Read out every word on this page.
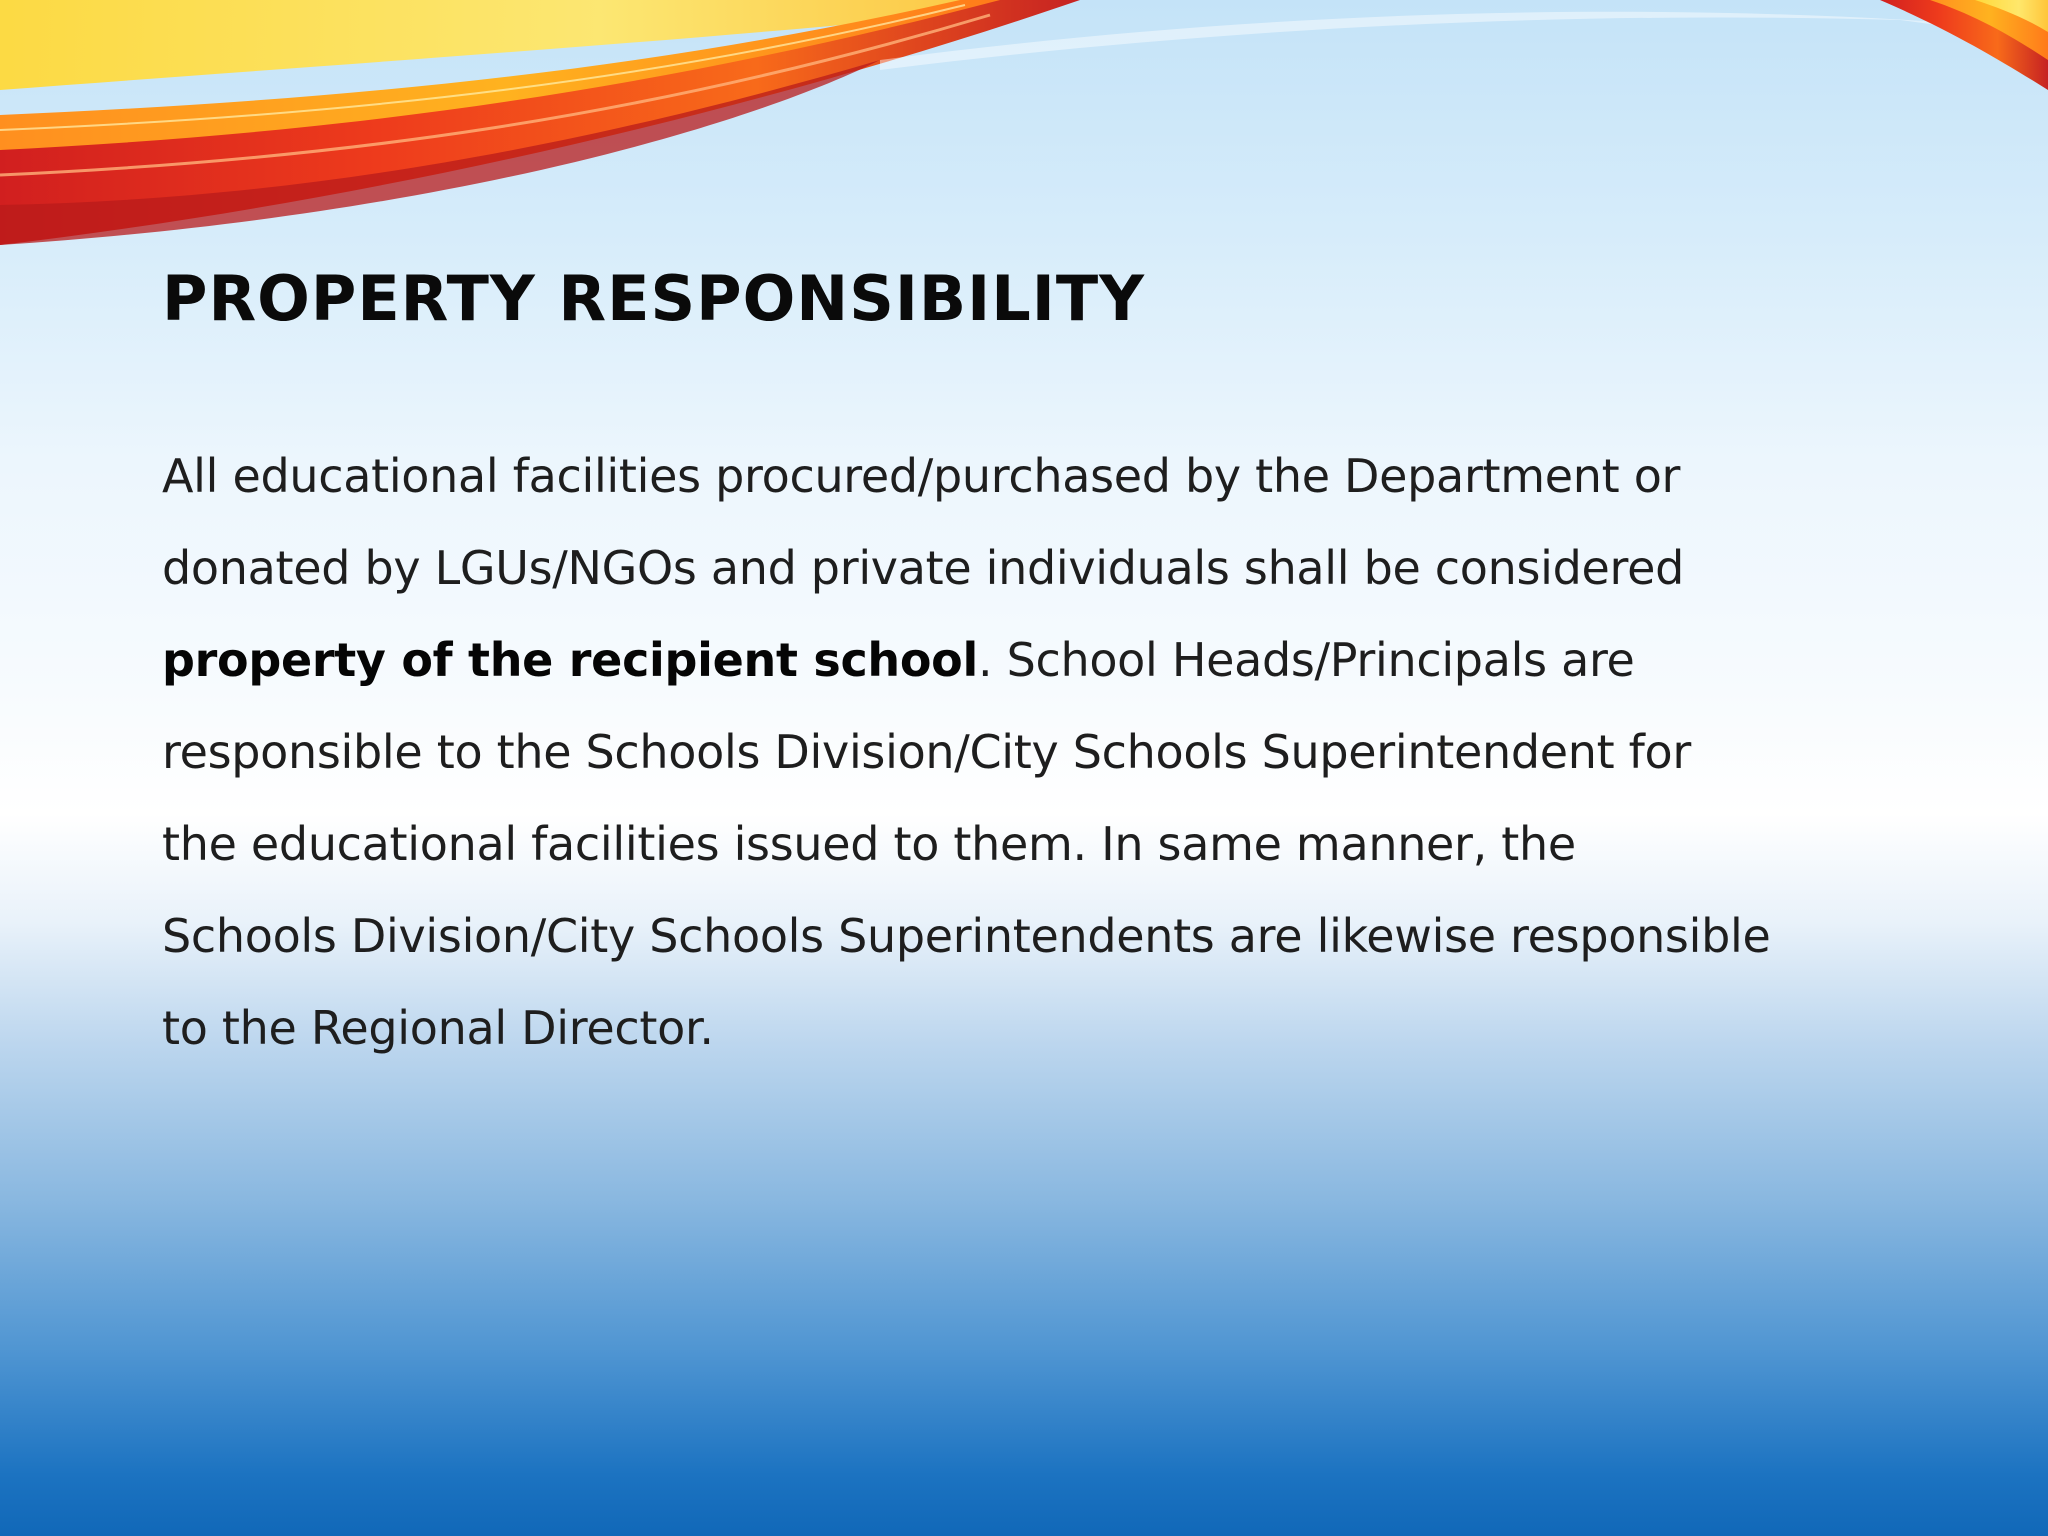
PROPERTY RESPONSIBILITY

All educational facilities procured/purchased by the Department or
donated by LGUs/NGOs and private individuals shall be considered
property of the recipient school. School Heads/Principals are
responsible to the Schools Division/City Schools Superintendent for
the educational facilities issued to them. In same manner, the
Schools Division/City Schools Superintendents are likewise responsible
to the Regional Director.
